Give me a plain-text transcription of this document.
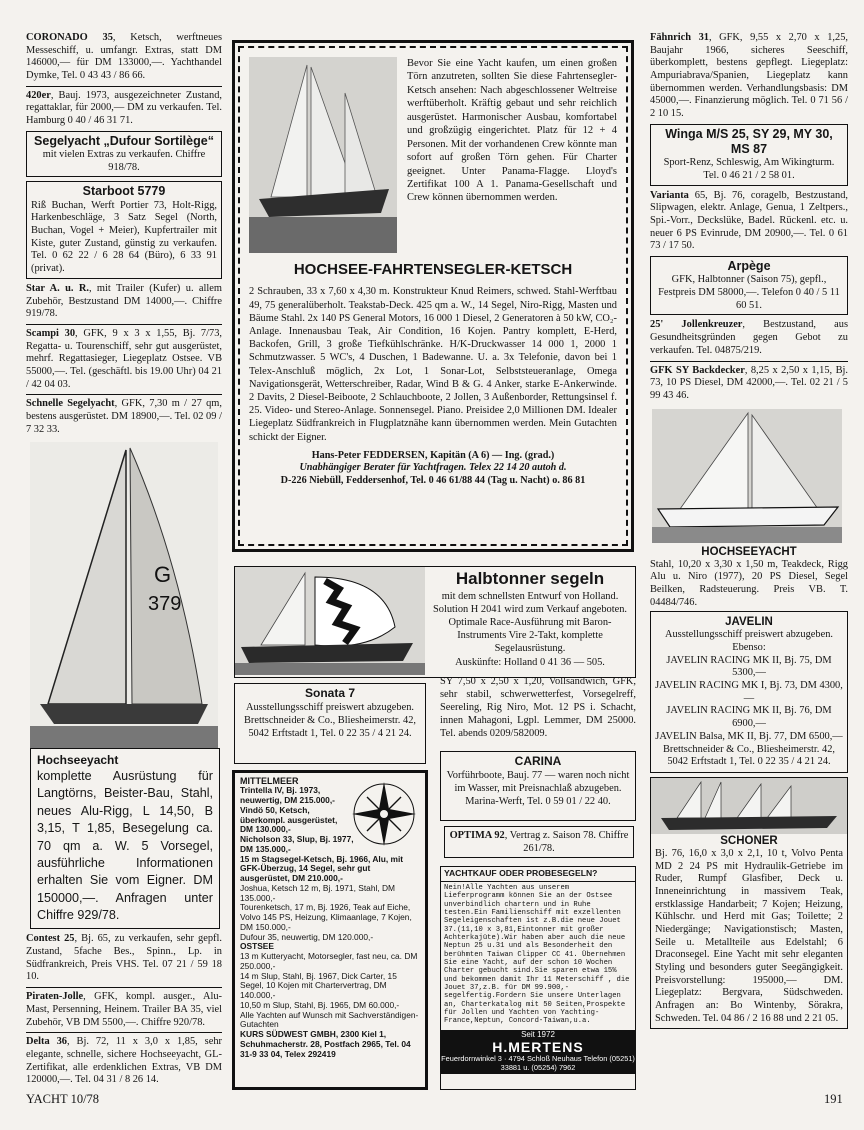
CORONADO 35, Ketsch, werftneues Messeschiff, u. umfangr. Extras, statt DM 146000,— für DM 133000,—. Yachthandel Dymke, Tel. 0 43 43 / 86 66.
420er, Bauj. 1973, ausgezeichneter Zustand, regattaklar, für 2000,— DM zu verkaufen. Tel. Hamburg 0 40 / 46 31 71.
Segelyacht „Dufour Sortilège“
mit vielen Extras zu verkaufen. Chiffre 918/78.
Starboot 5779
Riß Buchan, Werft Portier 73, Holt-Rigg, Harkenbeschläge, 3 Satz Segel (North, Buchan, Vogel + Meier), Kupfertrailer mit Kiste, guter Zustand, günstig zu verkaufen. Tel. 0 62 22 / 6 28 64 (Büro), 6 33 91 (privat).
Star A. u. R., mit Trailer (Kufer) u. allem Zubehör, Bestzustand DM 14000,—. Chiffre 919/78.
Scampi 30, GFK, 9 x 3 x 1,55, Bj. 7/73, Regatta- u. Tourenschiff, sehr gut ausgerüstet, mehrf. Regattasieger, Liegeplatz Ostsee. VB 55000,—. Tel. (geschäftl. bis 19.00 Uhr) 04 21 / 42 04 03.
Schnelle Segelyacht, GFK, 7,30 m / 27 qm, bestens ausgerüstet. DM 18900,—. Tel. 02 09 / 7 32 33.
G
379
Hochseeyacht
komplette Ausrüstung für Langtörns, Beister-Bau, Stahl, neues Alu-Rigg, L 14,50, B 3,15, T 1,85, Besegelung ca. 70 qm a. W. 5 Vorsegel, ausführliche Informationen erhalten Sie vom Eigner. DM 150000,—. Anfragen unter Chiffre 929/78.
Contest 25, Bj. 65, zu verkaufen, sehr gepfl. Zustand, 5fache Bes., Spinn., Lp. in Südfrankreich, Preis VHS. Tel. 07 21 / 59 18 10.
Piraten-Jolle, GFK, kompl. ausger., Alu-Mast, Persenning, Heinem. Trailer BA 35, viel Zubehör, VB DM 5500,—. Chiffre 920/78.
Delta 36, Bj. 72, 11 x 3,0 x 1,85, sehr elegante, schnelle, sichere Hochseeyacht, GL-Zertifikat, alle erdenklichen Extras, VB DM 120000,—. Tel. 04 31 / 8 26 14.
Bevor Sie eine Yacht kaufen, um einen großen Törn anzutreten, sollten Sie diese Fahrtensegler-Ketsch ansehen: Nach abgeschlossener Weltreise werftüberholt. Kräftig gebaut und sehr reichlich ausgerüstet. Harmonischer Ausbau, komfortabel und großzügig eingerichtet. Platz für 12 + 4 Personen. Mit der vorhandenen Crew könnte man sofort auf großen Törn gehen. Für Charter geeignet. Unter Panama-Flagge. Lloyd's Zertifikat 100 A 1. Panama-Gesellschaft und Crew können übernommen werden.
HOCHSEE-FAHRTENSEGLER-KETSCH
2 Schrauben, 33 x 7,60 x 4,30 m. Konstrukteur Knud Reimers, schwed. Stahl-Werftbau 49, 75 generalüberholt. Teakstab-Deck. 425 qm a. W., 14 Segel, Niro-Rigg, Masten und Bäume Stahl. 2x 140 PS General Motors, 16 000 1 Diesel, 2 Generatoren à 50 kW, CO₂-Anlage. Innenausbau Teak, Air Condition, 16 Kojen. Pantry komplett, E-Herd, Backofen, Grill, 3 große Tiefkühlschränke. H/K-Druckwasser 14 000 1, 2000 1 Schmutzwasser. 5 WC's, 4 Duschen, 1 Badewanne. U. a. 3x Telefonie, davon bei 1 Telex-Anschluß möglich, 2x Lot, 1 Sonar-Lot, Selbststeueranlage, Omega Navigationsgerät, Wetterschreiber, Radar, Wind B & G. 4 Anker, starke E-Ankerwinde. 2 Davits, 2 Diesel-Beiboote, 2 Schlauchboote, 2 Jollen, 3 Außenborder, Rettungsinsel f. 25. Video- und Stereo-Anlage. Sonnensegel. Piano. Preisidee 2,0 Millionen DM. Idealer Liegeplatz Südfrankreich in Flugplatznähe kann übernommen werden. Mein Gutachten schickt der Eigner.
Hans-Peter FEDDERSEN, Kapitän (A 6) — Ing. (grad.)
Unabhängiger Berater für Yachtfragen. Telex 22 14 20 autoh d.
D-226 Niebüll, Feddersenhof, Tel. 0 46 61/88 44 (Tag u. Nacht) o. 86 81
Halbtonner segeln
mit dem schnellsten Entwurf von Holland. Solution H 2041 wird zum Verkauf angeboten. Optimale Race-Ausführung mit Baron-Instruments Vire 2-Takt, komplette Segelausrüstung.
Auskünfte: Holland 0 41 36 — 505.
Sonata 7
Ausstellungsschiff preiswert abzugeben. Brettschneider & Co., Bliesheimerstr. 42, 5042 Erftstadt 1, Tel. 0 22 35 / 4 21 24.
MITTELMEER
Trintella IV, Bj. 1973, neuwertig, DM 215.000,-
Vindö 50, Ketsch, überkompl. ausgerüstet, DM 130.000,-
Nicholson 33, Slup, Bj. 1977, DM 135.000,-
15 m Stagsegel-Ketsch, Bj. 1966, Alu, mit GFK-Überzug, 14 Segel, sehr gut ausgerüstet, DM 210.000,-
Joshua, Ketsch 12 m, Bj. 1971, Stahl, DM 135.000,-
Tourenketsch, 17 m, Bj. 1926, Teak auf Eiche, Volvo 145 PS, Heizung, Klimaanlage, 7 Kojen, DM 150.000,-
Dufour 35, neuwertig, DM 120.000,-
OSTSEE
13 m Kutteryacht, Motorsegler, fast neu, ca. DM 250.000,-
14 m Slup, Stahl, Bj. 1967, Dick Carter, 15 Segel, 10 Kojen mit Chartervertrag, DM 140.000,-
10,50 m Slup, Stahl, Bj. 1965, DM 60.000,-
Alle Yachten auf Wunsch mit Sachverständigen-Gutachten
KURS SÜDWEST GMBH, 2300 Kiel 1, Schuhmacherstr. 28, Postfach 2965, Tel. 04 31-9 33 04, Telex 292419
SY 7,50 x 2,50 x 1,20, Vollsandwich, GFK, sehr stabil, schwerwetterfest, Vorsegelreff, Seereling, Rig Niro, Mot. 12 PS i. Schacht, innen Mahagoni, Lgpl. Lemmer, DM 25000. Tel. abends 0209/582009.
CARINA
Vorführboote, Bauj. 77 — waren noch nicht im Wasser, mit Preisnachlaß abzugeben. Marina-Werft, Tel. 0 59 01 / 22 40.
OPTIMA 92, Vertrag z. Saison 78. Chiffre 261/78.
YACHTKAUF ODER PROBESEGELN?
Nein!Alle Yachten aus unserem Lieferprogramm können Sie an der Ostsee unverbindlich chartern und in Ruhe testen.Ein Familienschiff mit exzellenten Segeleigenschaften ist z.B.die neue Jouet 37.(11,10 x 3,81,Eintonner mit großer Achterkajüte).Wir haben aber auch die neue Neptun 25 u.31 und als Besonderheit den berühmten Taiwan Clipper CC 41. Übernehmen Sie eine Yacht, auf der schon 10 Wochen Charter gebucht sind.Sie sparen etwa 15% und bekommen damit Ihr 11 Meterschiff , die Jouet 37,z.B. für DM 99.900,- segelfertig.Fordern Sie unsere Unterlagen an, Charterkatalog mit 50 Seiten,Prospekte für Jollen und Yachten von Yachting-France,Neptun, Concord-Taiwan,u.a.
Seit 1972
H.MERTENS
Feuerdornwinkel 3 · 4794 Schloß Neuhaus Telefon (05251) 33881 u. (05254) 7962
Fähnrich 31, GFK, 9,55 x 2,70 x 1,25, Baujahr 1966, sicheres Seeschiff, überkomplett, bestens gepflegt. Liegeplatz: Ampuriabrava/Spanien, Liegeplatz kann übernommen werden. Verhandlungsbasis: DM 45000,—. Finanzierung möglich. Tel. 0 71 56 / 2 10 15.
Winga M/S 25, SY 29, MY 30, MS 87
Sport-Renz, Schleswig, Am Wikingturm. Tel. 0 46 21 / 2 58 01.
Varianta 65, Bj. 76, coragelb, Bestzustand, Slipwagen, elektr. Anlage, Genua, 1 Zeltpers., Spi.-Vorr., Deckslüke, Badel. Rückenl. etc. u. neuer 6 PS Evinrude, DM 20900,—. Tel. 0 61 73 / 17 50.
Arpège
GFK, Halbtonner (Saison 75), gepfl., Festpreis DM 58000,—. Telefon 0 40 / 5 11 60 51.
25' Jollenkreuzer, Bestzustand, aus Gesundheitsgründen gegen Gebot zu verkaufen. Tel. 04875/219.
GFK SY Backdecker, 8,25 x 2,50 x 1,15, Bj. 73, 10 PS Diesel, DM 42000,—. Tel. 02 21 / 5 99 43 46.
HOCHSEEYACHT
Stahl, 10,20 x 3,30 x 1,50 m, Teakdeck, Rigg Alu u. Niro (1977), 20 PS Diesel, Segel Beilken, Radsteuerung. Preis VB. T. 04484/746.
JAVELIN
Ausstellungsschiff preiswert abzugeben.
Ebenso:
JAVELIN RACING MK II, Bj. 75, DM 5300,—
JAVELIN RACING MK I, Bj. 73, DM 4300,—
JAVELIN RACING MK II, Bj. 76, DM 6900,—
JAVELIN Balsa, MK II, Bj. 77, DM 6500,—
Brettschneider & Co., Bliesheimerstr. 42, 5042 Erftstadt 1, Tel. 0 22 35 / 4 21 24.
SCHONER
Bj. 76, 16,0 x 3,0 x 2,1, 10 t, Volvo Penta MD 2 24 PS mit Hydraulik-Getriebe im Ruder, Rumpf Glasfiber, Deck u. Inneneinrichtung in massivem Teak, erstklassige Handarbeit; 7 Kojen; Heizung, Kühlschr. und Herd mit Gas; Toilette; 2 Niedergänge; Navigationstisch; Masten, Seile u. Metallteile aus Edelstahl; 6 Draconsegel. Eine Yacht mit sehr eleganten Styling und besonders guter Seegängigkeit. Preisvorstellung: 195000,— DM. Liegeplatz: Bergvara, Südschweden. Anfragen an: Bo Wintenby, Sörakra, Schweden. Tel. 04 86 / 2 16 88 und 2 21 05.
YACHT 10/78	191
